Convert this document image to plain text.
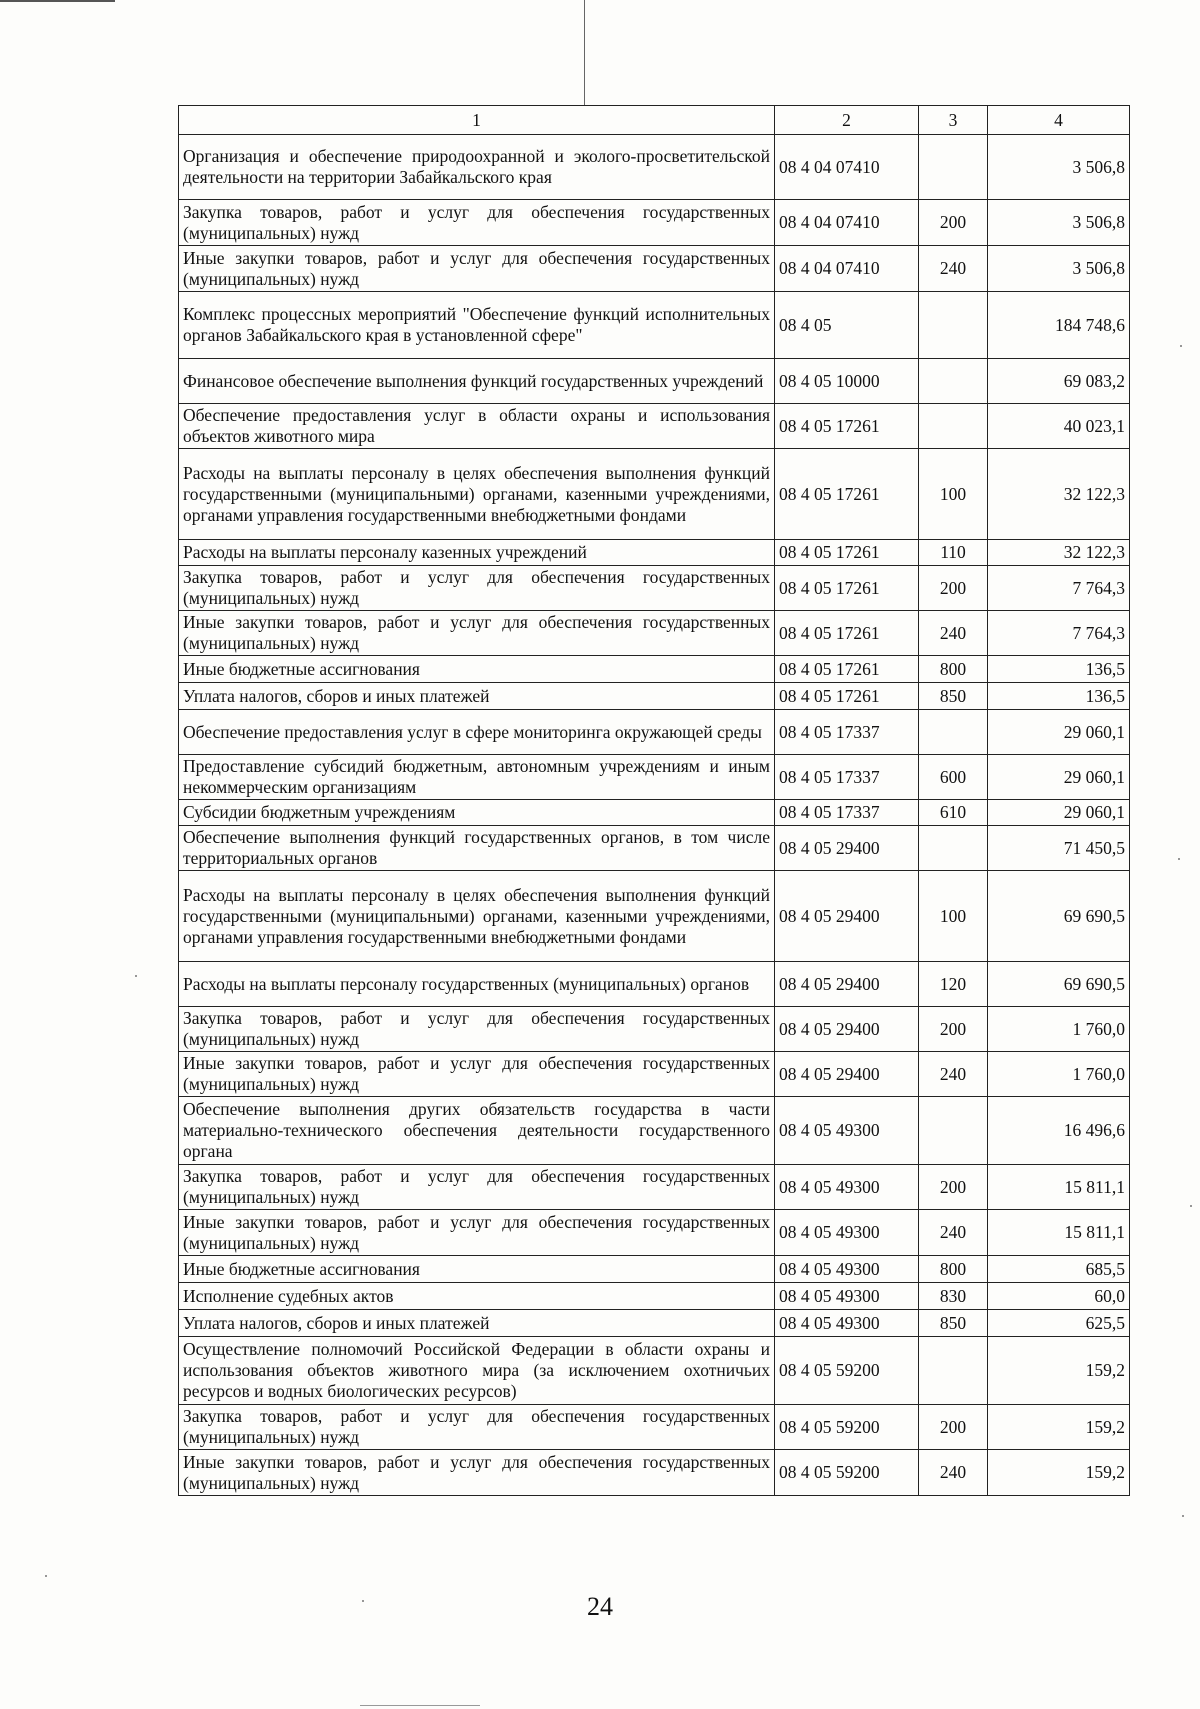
1	2	3	4
Организация и обеспечение природоохранной и эколого-просветительской деятельности на территории Забайкальского края	08 4 04 07410		3 506,8
Закупка товаров, работ и услуг для обеспечения государственных (муниципальных) нужд	08 4 04 07410	200	3 506,8
Иные закупки товаров, работ и услуг для обеспечения государственных (муниципальных) нужд	08 4 04 07410	240	3 506,8
Комплекс процессных мероприятий "Обеспечение функций исполнительных органов Забайкальского края в установленной сфере"	08 4 05		184 748,6
Финансовое обеспечение выполнения функций государственных учреждений	08 4 05 10000		69 083,2
Обеспечение предоставления услуг в области охраны и использования объектов животного мира	08 4 05 17261		40 023,1
Расходы на выплаты персоналу в целях обеспечения выполнения функций государственными (муниципальными) органами, казенными учреждениями, органами управления государственными внебюджетными фондами	08 4 05 17261	100	32 122,3
Расходы на выплаты персоналу казенных учреждений	08 4 05 17261	110	32 122,3
Закупка товаров, работ и услуг для обеспечения государственных (муниципальных) нужд	08 4 05 17261	200	7 764,3
Иные закупки товаров, работ и услуг для обеспечения государственных (муниципальных) нужд	08 4 05 17261	240	7 764,3
Иные бюджетные ассигнования	08 4 05 17261	800	136,5
Уплата налогов, сборов и иных платежей	08 4 05 17261	850	136,5
Обеспечение предоставления услуг в сфере мониторинга окружающей среды	08 4 05 17337		29 060,1
Предоставление субсидий бюджетным, автономным учреждениям и иным некоммерческим организациям	08 4 05 17337	600	29 060,1
Субсидии бюджетным учреждениям	08 4 05 17337	610	29 060,1
Обеспечение выполнения функций государственных органов, в том числе территориальных органов	08 4 05 29400		71 450,5
Расходы на выплаты персоналу в целях обеспечения выполнения функций государственными (муниципальными) органами, казенными учреждениями, органами управления государственными внебюджетными фондами	08 4 05 29400	100	69 690,5
Расходы на выплаты персоналу государственных (муниципальных) органов	08 4 05 29400	120	69 690,5
Закупка товаров, работ и услуг для обеспечения государственных (муниципальных) нужд	08 4 05 29400	200	1 760,0
Иные закупки товаров, работ и услуг для обеспечения государственных (муниципальных) нужд	08 4 05 29400	240	1 760,0
Обеспечение выполнения других обязательств государства в части материально-технического обеспечения деятельности государственного органа	08 4 05 49300		16 496,6
Закупка товаров, работ и услуг для обеспечения государственных (муниципальных) нужд	08 4 05 49300	200	15 811,1
Иные закупки товаров, работ и услуг для обеспечения государственных (муниципальных) нужд	08 4 05 49300	240	15 811,1
Иные бюджетные ассигнования	08 4 05 49300	800	685,5
Исполнение судебных актов	08 4 05 49300	830	60,0
Уплата налогов, сборов и иных платежей	08 4 05 49300	850	625,5
Осуществление полномочий Российской Федерации в области охраны и использования объектов животного мира (за исключением охотничьих ресурсов и водных биологических ресурсов)	08 4 05 59200		159,2
Закупка товаров, работ и услуг для обеспечения государственных (муниципальных) нужд	08 4 05 59200	200	159,2
Иные закупки товаров, работ и услуг для обеспечения государственных (муниципальных) нужд	08 4 05 59200	240	159,2
24
